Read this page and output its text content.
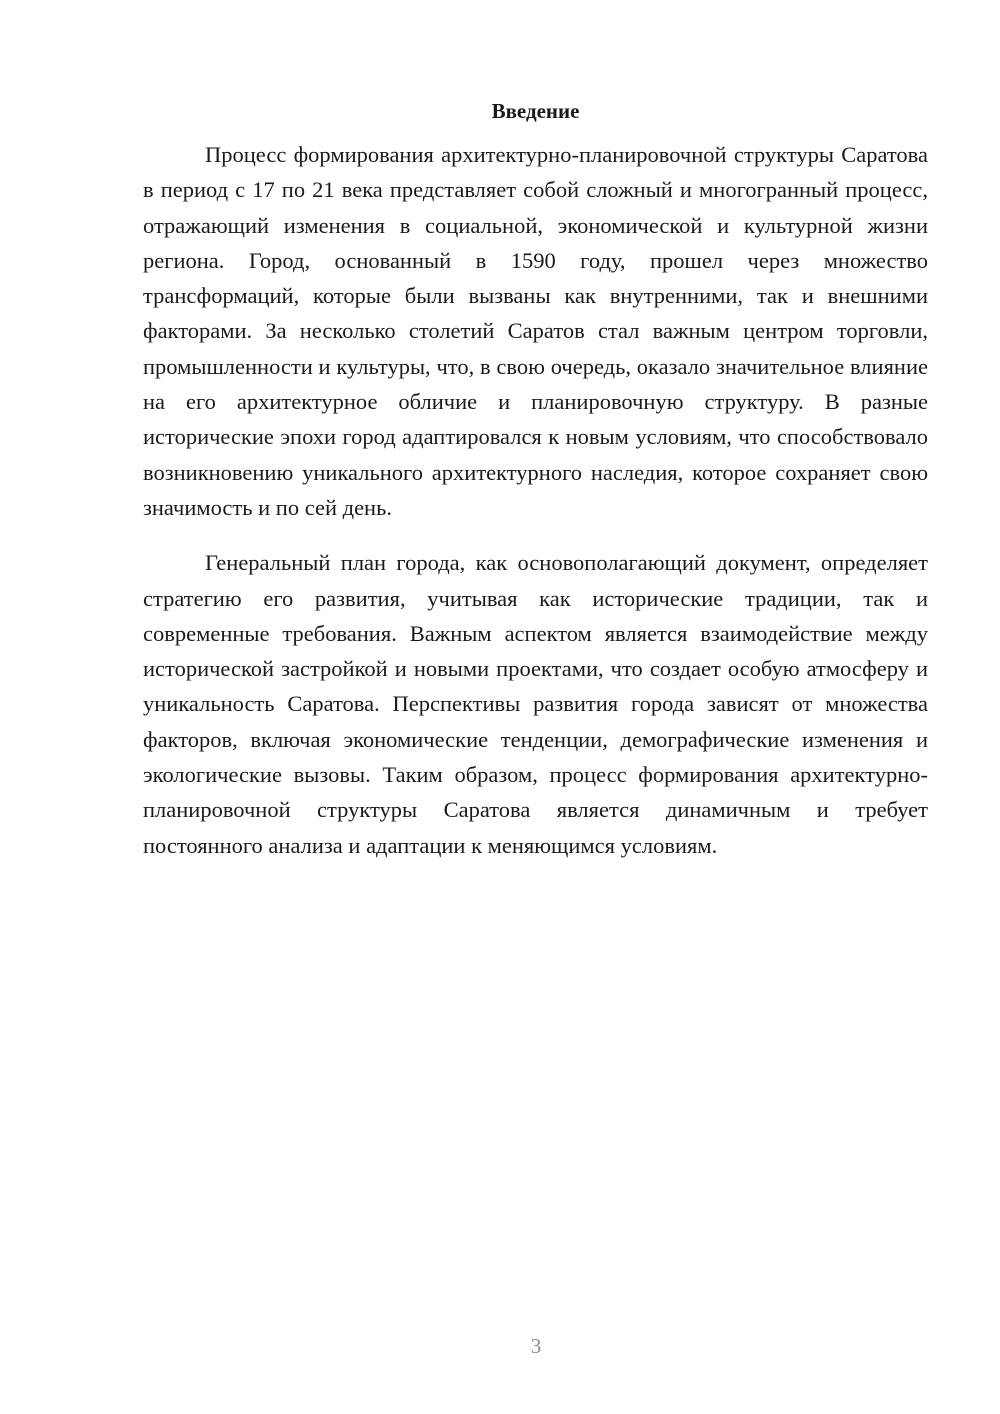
Введение

Процесс формирования архитектурно-планировочной структуры Саратова в период с 17 по 21 века представляет собой сложный и многогранный процесс, отражающий изменения в социальной, экономической и культурной жизни региона. Город, основанный в 1590 году, прошел через множество трансформаций, которые были вызваны как внутренними, так и внешними факторами. За несколько столетий Саратов стал важным центром торговли, промышленности и культуры, что, в свою очередь, оказало значительное влияние на его архитектурное обличие и планировочную структуру. В разные исторические эпохи город адаптировался к новым условиям, что способствовало возникновению уникального архитектурного наследия, которое сохраняет свою значимость и по сей день.

Генеральный план города, как основополагающий документ, определяет стратегию его развития, учитывая как исторические традиции, так и современные требования. Важным аспектом является взаимодействие между исторической застройкой и новыми проектами, что создает особую атмосферу и уникальность Саратова. Перспективы развития города зависят от множества факторов, включая экономические тенденции, демографические изменения и экологические вызовы. Таким образом, процесс формирования архитектурно-планировочной структуры Саратова является динамичным и требует постоянного анализа и адаптации к меняющимся условиям.

3
